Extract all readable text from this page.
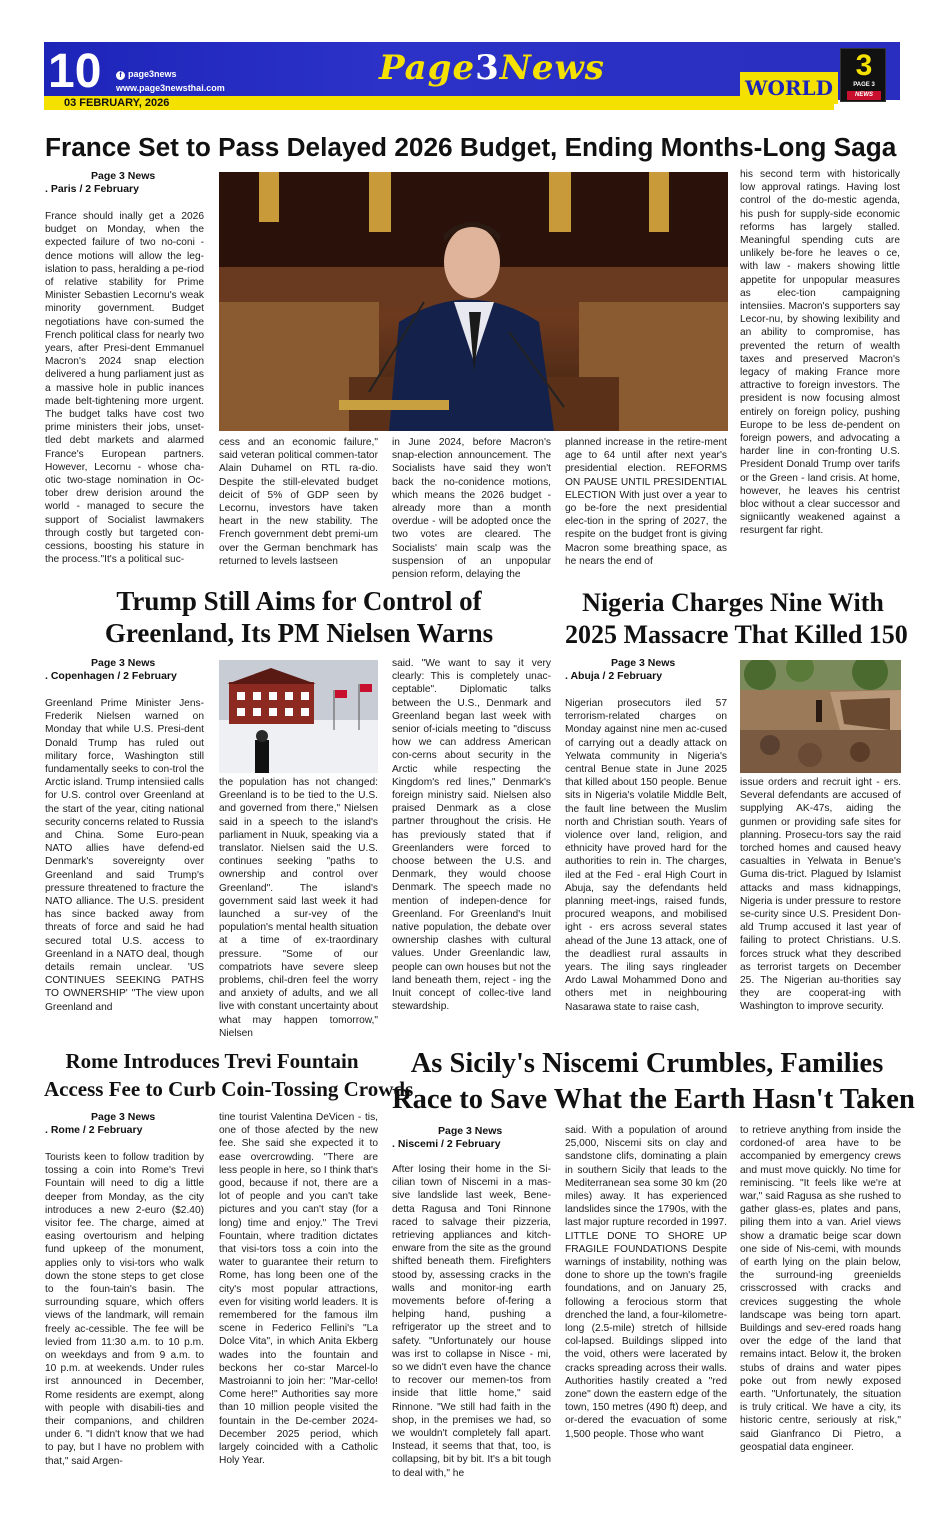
10	f page3news
www.page3newsthai.com
03 FEBRUARY, 2026
Page3News	WORLD
3
PAGE 3
NEWS
France Set to Pass Delayed 2026 Budget, Ending Months-Long Saga
Page 3 News
. Paris / 2 February
France should inally get a 2026 budget on Monday, when the expected failure of two no-coni - dence motions will allow the leg-islation to pass, heralding a pe-riod of relative stability for Prime Minister Sebastien Lecornu's weak minority government. Budget negotiations have con-sumed the French political class for nearly two years, after Presi-dent Emmanuel Macron's 2024 snap election delivered a hung parliament just as a massive hole in public inances made belt-tightening more urgent. The budget talks have cost two prime ministers their jobs, unset-tled debt markets and alarmed France's European partners. However, Lecornu - whose cha-otic two-stage nomination in Oc-tober drew derision around the world - managed to secure the support of Socialist lawmakers through costly but targeted con-cessions, boosting his stature in the process."It's a political suc-
cess and an economic failure," said veteran political commen-tator Alain Duhamel on RTL ra-dio. Despite the still-elevated budget deicit of 5% of GDP seen by Lecornu, investors have taken heart in the new stability. The French government debt premi-um over the German benchmark has returned to levels lastseen
in June 2024, before Macron's snap-election announcement. The Socialists have said they won't back the no-conidence motions, which means the 2026 budget - already more than a month overdue - will be adopted once the two votes are cleared. The Socialists' main scalp was the suspension of an unpopular pension reform, delaying the
planned increase in the retire-ment age to 64 until after next year's presidential election. REFORMS ON PAUSE UNTIL PRESIDENTIAL ELECTION With just over a year to go be-fore the next presidential elec-tion in the spring of 2027, the respite on the budget front is giving Macron some breathing space, as he nears the end of
his second term with historically low approval ratings. Having lost control of the do-mestic agenda, his push for supply-side economic reforms has largely stalled. Meaningful spending cuts are unlikely be-fore he leaves o ce, with law - makers showing little appetite for unpopular measures as elec-tion campaigning intensiies. Macron's supporters say Lecor-nu, by showing lexibility and an ability to compromise, has prevented the return of wealth taxes and preserved Macron's legacy of making France more attractive to foreign investors. The president is now focusing almost entirely on foreign policy, pushing Europe to be less de-pendent on foreign powers, and advocating a harder line in con-fronting U.S. President Donald Trump over tarifs or the Green - land crisis. At home, however, he leaves his centrist bloc without a clear successor and signiicantly weakened against a resurgent far right.
Trump Still Aims for Control of
Greenland, Its PM Nielsen Warns
Page 3 News
. Copenhagen / 2 February
Greenland Prime Minister Jens-Frederik Nielsen warned on Monday that while U.S. Presi-dent Donald Trump has ruled out military force, Washington still fundamentally seeks to con-trol the Arctic island. Trump intensiied calls for U.S. control over Greenland at the start of the year, citing national security concerns related to Russia and China. Some Euro-pean NATO allies have defend-ed Denmark's sovereignty over Greenland and said Trump's pressure threatened to fracture the NATO alliance. The U.S. president has since backed away from threats of force and said he had secured total U.S. access to Greenland in a NATO deal, though details remain unclear. 'US CONTINUES SEEKING PATHS TO OWNERSHIP' "The view upon Greenland and
the population has not changed: Greenland is to be tied to the U.S. and governed from there," Nielsen said in a speech to the island's parliament in Nuuk, speaking via a translator. Nielsen said the U.S. continues seeking "paths to ownership and control over Greenland". The island's government said last week it had launched a sur-vey of the population's mental health situation at a time of ex-traordinary pressure. "Some of our compatriots have severe sleep problems, chil-dren feel the worry and anxiety of adults, and we all live with constant uncertainty about what may happen tomorrow," Nielsen
said. "We want to say it very clearly: This is completely unac-ceptable". Diplomatic talks between the U.S., Denmark and Greenland began last week with senior of-icials meeting to "discuss how we can address American con-cerns about security in the Arctic while respecting the Kingdom's red lines," Denmark's foreign ministry said. Nielsen also praised Denmark as a close partner throughout the crisis. He has previously stated that if Greenlanders were forced to choose between the U.S. and Denmark, they would choose Denmark. The speech made no mention of indepen-dence for Greenland. For Greenland's Inuit native population, the debate over ownership clashes with cultural values. Under Greenlandic law, people can own houses but not the land beneath them, reject - ing the Inuit concept of collec-tive land stewardship.
Nigeria Charges Nine With
2025 Massacre That Killed 150
Page 3 News
. Abuja / 2 February
Nigerian prosecutors iled 57 terrorism-related charges on Monday against nine men ac-cused of carrying out a deadly attack on Yelwata community in Nigeria's central Benue state in June 2025 that killed about 150 people. Benue sits in Nigeria's volatile Middle Belt, the fault line between the Muslim north and Christian south. Years of violence over land, religion, and ethnicity have proved hard for the authorities to rein in. The charges, iled at the Fed - eral High Court in Abuja, say the defendants held planning meet-ings, raised funds, procured weapons, and mobilised ight - ers across several states ahead of the June 13 attack, one of the deadliest rural assaults in years. The iling says ringleader Ardo Lawal Mohammed Dono and others met in neighbouring Nasarawa state to raise cash,
issue orders and recruit ight - ers. Several defendants are accused of supplying AK-47s, aiding the gunmen or providing safe sites for planning. Prosecu-tors say the raid torched homes and caused heavy casualties in Yelwata in Benue's Guma dis-trict. Plagued by Islamist attacks and mass kidnappings, Nigeria is under pressure to restore se-curity since U.S. President Don-ald Trump accused it last year of failing to protect Christians. U.S. forces struck what they described as terrorist targets on December 25. The Nigerian au-thorities say they are cooperat-ing with Washington to improve security.
Rome Introduces Trevi Fountain
Access Fee to Curb Coin-Tossing Crowds
Page 3 News
. Rome / 2 February
Tourists keen to follow tradition by tossing a coin into Rome's Trevi Fountain will need to dig a little deeper from Monday, as the city introduces a new 2-euro ($2.40) visitor fee. The charge, aimed at easing overtourism and helping fund upkeep of the monument, applies only to visi-tors who walk down the stone steps to get close to the foun-tain's basin. The surrounding square, which offers views of the landmark, will remain freely ac-cessible. The fee will be levied from 11:30 a.m. to 10 p.m. on weekdays and from 9 a.m. to 10 p.m. at weekends. Under rules irst announced in December, Rome residents are exempt, along with people with disabili-ties and their companions, and children under 6. "I didn't know that we had to pay, but I have no problem with that," said Argen-
tine tourist Valentina DeVicen - tis, one of those afected by the new fee. She said she expected it to ease overcrowding. "There are less people in here, so I think that's good, because if not, there are a lot of people and you can't take pictures and you can't stay (for a long) time and enjoy." The Trevi Fountain, where tradition dictates that visi-tors toss a coin into the water to guarantee their return to Rome, has long been one of the city's most popular attractions, even for visiting world leaders. It is remembered for the famous ilm scene in Federico Fellini's "La Dolce Vita", in which Anita Ekberg wades into the fountain and beckons her co-star Marcel-lo Mastroianni to join her: "Mar-cello! Come here!" Authorities say more than 10 million people visited the fountain in the De-cember 2024-December 2025 period, which largely coincided with a Catholic Holy Year.
As Sicily's Niscemi Crumbles, Families
Race to Save What the Earth Hasn't Taken
Page 3 News
. Niscemi / 2 February
After losing their home in the Si-cilian town of Niscemi in a mas-sive landslide last week, Bene-detta Ragusa and Toni Rinnone raced to salvage their pizzeria, retrieving appliances and kitch-enware from the site as the ground shifted beneath them. Firefighters stood by, assessing cracks in the walls and monitor-ing earth movements before of-fering a helping hand, pushing a refrigerator up the street and to safety. "Unfortunately our house was irst to collapse in Nisce - mi, so we didn't even have the chance to recover our memen-tos from inside that little home," said Rinnone. "We still had faith in the shop, in the premises we had, so we wouldn't completely fall apart. Instead, it seems that that, too, is collapsing, bit by bit. It's a bit tough to deal with," he
said. With a population of around 25,000, Niscemi sits on clay and sandstone clifs, dominating a plain in southern Sicily that leads to the Mediterranean sea some 30 km (20 miles) away. It has experienced landslides since the 1790s, with the last major rupture recorded in 1997. LITTLE DONE TO SHORE UP FRAGILE FOUNDATIONS Despite warnings of instability, nothing was done to shore up the town's fragile foundations, and on January 25, following a ferocious storm that drenched the land, a four-kilometre-long (2.5-mile) stretch of hillside col-lapsed. Buildings slipped into the void, others were lacerated by cracks spreading across their walls. Authorities hastily created a "red zone" down the eastern edge of the town, 150 metres (490 ft) deep, and or-dered the evacuation of some 1,500 people. Those who want
to retrieve anything from inside the cordoned-of area have to be accompanied by emergency crews and must move quickly. No time for reminiscing. "It feels like we're at war," said Ragusa as she rushed to gather glass-es, plates and pans, piling them into a van. Ariel views show a dramatic beige scar down one side of Nis-cemi, with mounds of earth lying on the plain below, the surround-ing greenields crisscrossed with cracks and crevices suggesting the whole landscape was being torn apart. Buildings and sev-ered roads hang over the edge of the land that remains intact. Below it, the broken stubs of drains and water pipes poke out from newly exposed earth. "Unfortunately, the situation is truly critical. We have a city, its historic centre, seriously at risk," said Gianfranco Di Pietro, a geospatial data engineer.
